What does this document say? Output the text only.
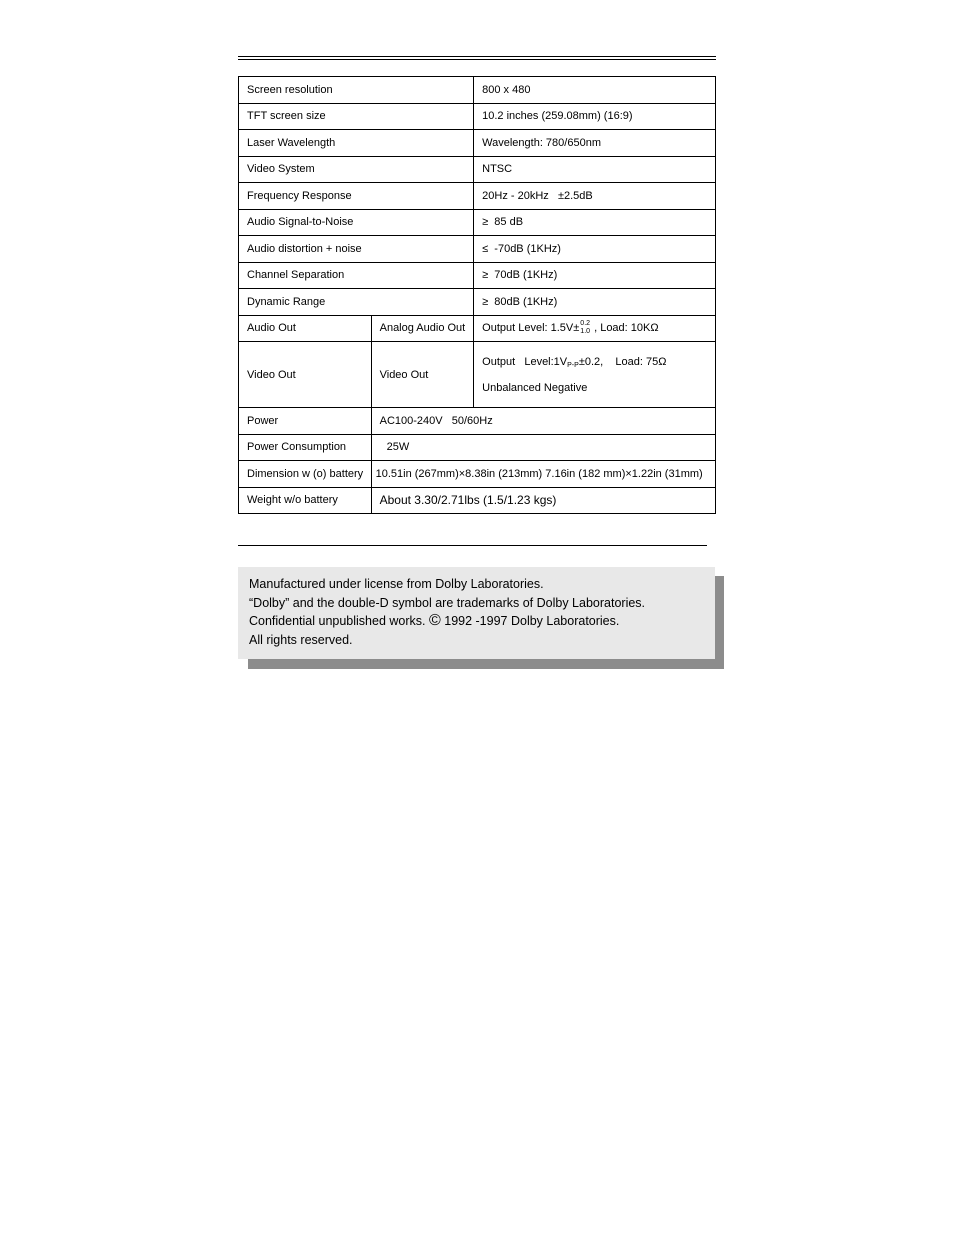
Screen resolution		800 x 480
TFT screen size		10.2 inches (259.08mm) (16:9)
Laser Wavelength		Wavelength: 780/650nm
Video System		NTSC
Frequency Response		20Hz - 20kHz   ±2.5dB
Audio Signal-to-Noise		≥  85 dB
Audio distortion + noise		≤  -70dB (1KHz)
Channel Separation		≥  70dB (1KHz)
Dynamic Range		≥  80dB (1KHz)
Audio Out	Analog Audio Out	Output Level: 1.5V± 0.2
1.0 , Load: 10KΩ
Video Out	Video Out	Output   $Level:1V_{P-P}\pm 0.2$,    Load: 75Ω
Unbalanced Negative

Power	AC100-240V   50/60Hz	
Power Consumption	25W	
Dimension w (o) battery	10.51in (267mm)×8.38in (213mm) 7.16in (182 mm)×1.22in (31mm)	
Weight w/o battery	About 3.30/2.71lbs (1.5/1.23 kgs)	
Manufactured under license from Dolby Laboratories.
“Dolby” and the double-D symbol are trademarks of Dolby Laboratories.
Confidential unpublished works. © 1992 -1997 Dolby Laboratories.
All rights reserved.
